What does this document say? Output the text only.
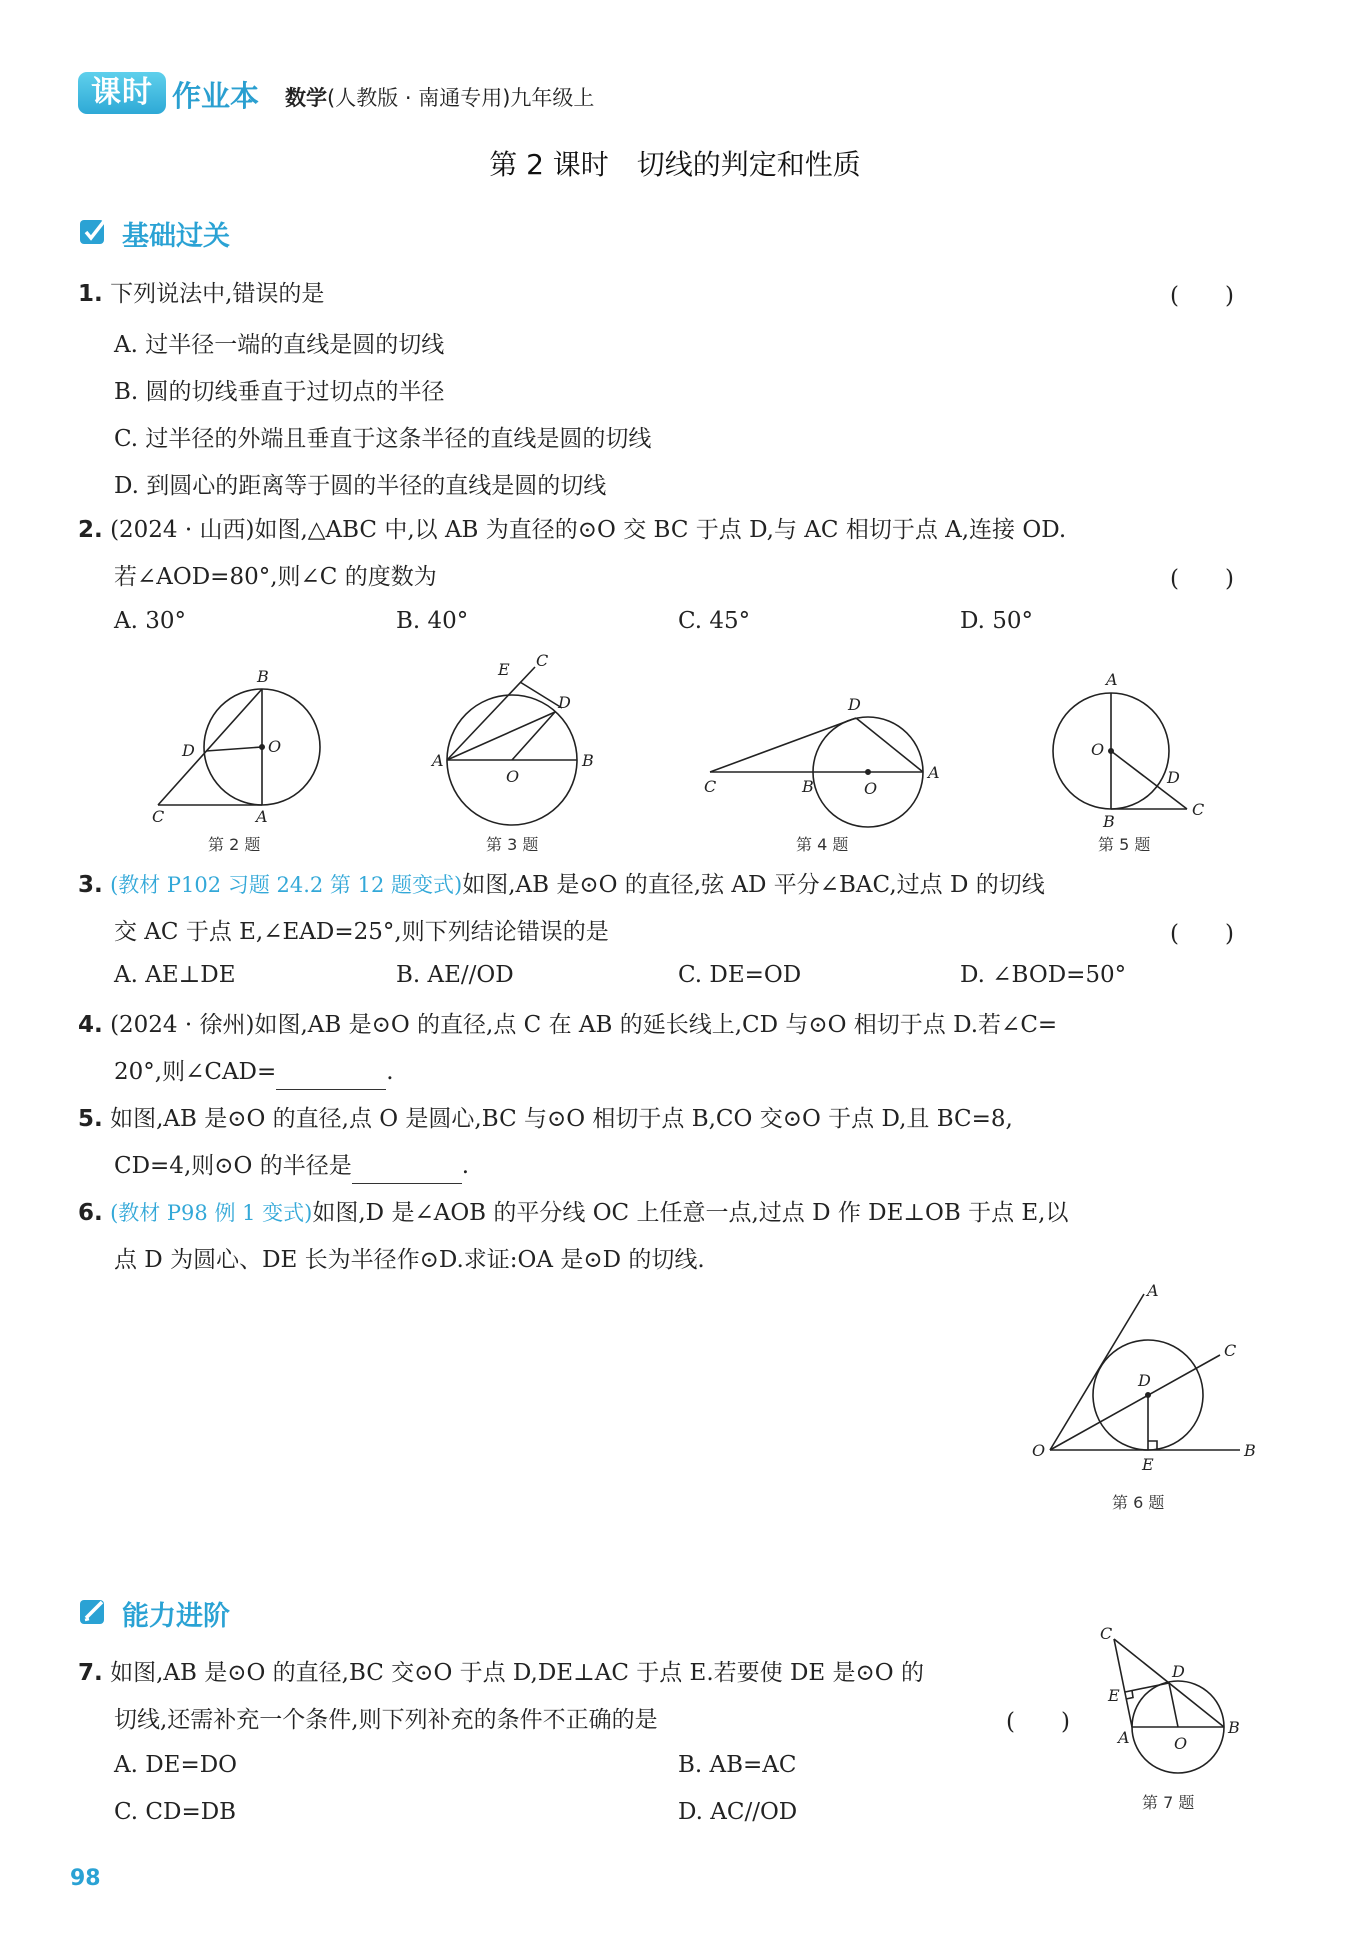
课时 作业本 数学(人教版 · 南通专用)九年级上
第 2 课时　切线的判定和性质
基础过关
1. 下列说法中,错误的是	(　　)
A. 过半径一端的直线是圆的切线
B. 圆的切线垂直于过切点的半径
C. 过半径的外端且垂直于这条半径的直线是圆的切线
D. 到圆心的距离等于圆的半径的直线是圆的切线
2. (2024 · 山西)如图,△ABC 中,以 AB 为直径的⊙O 交 BC 于点 D,与 AC 相切于点 A,连接 OD.
若∠AOD=80°,则∠C 的度数为	(　　)
A. 30°	B. 40°	C. 45°	D. 50°
B
D	O
C	A
第 2 题
E C
D
A
O
B
第 3 题
D
C	B	O
A
第 4 题
A
O
D
B
C
第 5 题
3. (教材 P102 习题 24.2 第 12 题变式)如图,AB 是⊙O 的直径,弦 AD 平分∠BAC,过点 D 的切线
交 AC 于点 E,∠EAD=25°,则下列结论错误的是	(　　)
A. AE⊥DE	B. AE//OD	C. DE=OD	D. ∠BOD=50°
4. (2024 · 徐州)如图,AB 是⊙O 的直径,点 C 在 AB 的延长线上,CD 与⊙O 相切于点 D.若∠C=
20°,则∠CAD=	.
5. 如图,AB 是⊙O 的直径,点 O 是圆心,BC 与⊙O 相切于点 B,CO 交⊙O 于点 D,且 BC=8,
CD=4,则⊙O 的半径是	.
6. (教材 P98 例 1 变式)如图,D 是∠AOB 的平分线 OC 上任意一点,过点 D 作 DE⊥OB 于点 E,以
点 D 为圆心、DE 长为半径作⊙D.求证:OA 是⊙D 的切线.
A
C
D
O
E
B
第 6 题
能力进阶
7. 如图,AB 是⊙O 的直径,BC 交⊙O 于点 D,DE⊥AC 于点 E.若要使 DE 是⊙O 的
切线,还需补充一个条件,则下列补充的条件不正确的是	(　　)
A. DE=DO	B. AB=AC
C. CD=DB	D. AC//OD
C
D
E
A	O
B
第 7 题
98
